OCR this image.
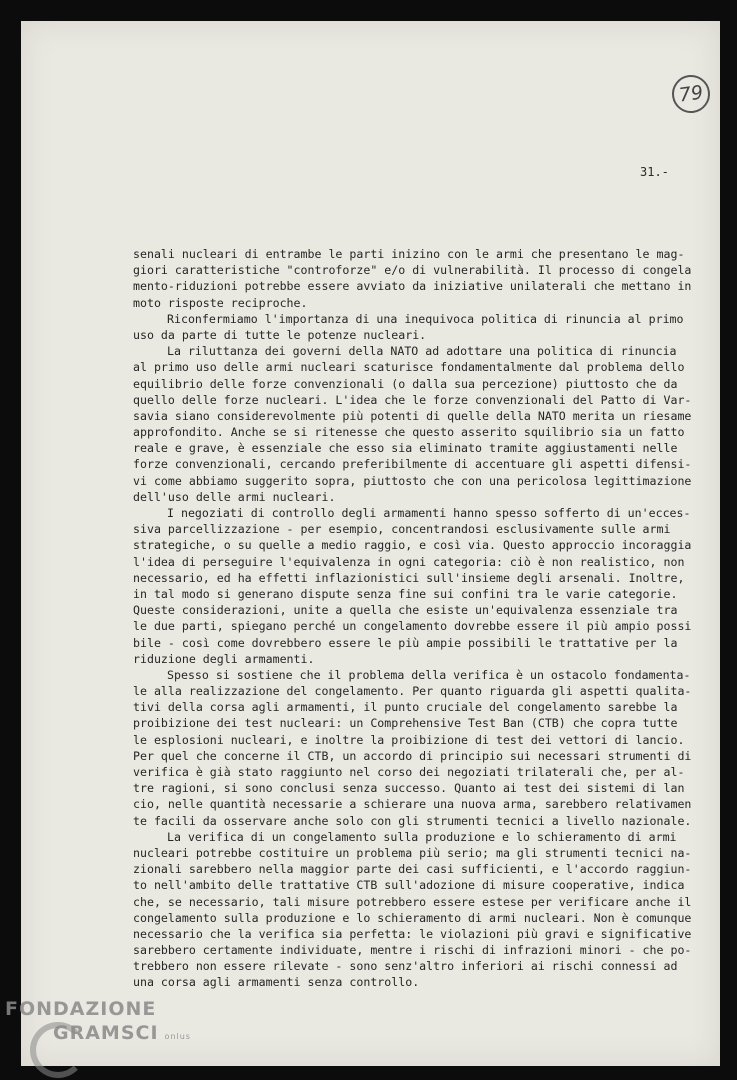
79
31.-
senali nucleari di entrambe le parti inizino con le armi che presentano le mag-
giori caratteristiche "controforze" e/o di vulnerabilità. Il processo di congela
mento-riduzioni potrebbe essere avviato da iniziative unilaterali che mettano in
moto risposte reciproche.
Riconfermiamo l'importanza di una inequivoca politica di rinuncia al primo
uso da parte di tutte le potenze nucleari.
La riluttanza dei governi della NATO ad adottare una politica di rinuncia
al primo uso delle armi nucleari scaturisce fondamentalmente dal problema dello
equilibrio delle forze convenzionali (o dalla sua percezione) piuttosto che da
quello delle forze nucleari. L'idea che le forze convenzionali del Patto di Var-
savia siano considerevolmente più potenti di quelle della NATO merita un riesame
approfondito. Anche se si ritenesse che questo asserito squilibrio sia un fatto
reale e grave, è essenziale che esso sia eliminato tramite aggiustamenti nelle
forze convenzionali, cercando preferibilmente di accentuare gli aspetti difensi-
vi come abbiamo suggerito sopra, piuttosto che con una pericolosa legittimazione
dell'uso delle armi nucleari.
I negoziati di controllo degli armamenti hanno spesso sofferto di un'ecces-
siva parcellizzazione - per esempio, concentrandosi esclusivamente sulle armi
strategiche, o su quelle a medio raggio, e così via. Questo approccio incoraggia
l'idea di perseguire l'equivalenza in ogni categoria: ciò è non realistico, non
necessario, ed ha effetti inflazionistici sull'insieme degli arsenali. Inoltre,
in tal modo si generano dispute senza fine sui confini tra le varie categorie.
Queste considerazioni, unite a quella che esiste un'equivalenza essenziale tra
le due parti, spiegano perché un congelamento dovrebbe essere il più ampio possi
bile - così come dovrebbero essere le più ampie possibili le trattative per la
riduzione degli armamenti.
Spesso si sostiene che il problema della verifica è un ostacolo fondamenta-
le alla realizzazione del congelamento. Per quanto riguarda gli aspetti qualita-
tivi della corsa agli armamenti, il punto cruciale del congelamento sarebbe la
proibizione dei test nucleari: un Comprehensive Test Ban (CTB) che copra tutte
le esplosioni nucleari, e inoltre la proibizione di test dei vettori di lancio.
Per quel che concerne il CTB, un accordo di principio sui necessari strumenti di
verifica è già stato raggiunto nel corso dei negoziati trilaterali che, per al-
tre ragioni, si sono conclusi senza successo. Quanto ai test dei sistemi di lan
cio, nelle quantità necessarie a schierare una nuova arma, sarebbero relativamen
te facili da osservare anche solo con gli strumenti tecnici a livello nazionale.
La verifica di un congelamento sulla produzione e lo schieramento di armi
nucleari potrebbe costituire un problema più serio; ma gli strumenti tecnici na-
zionali sarebbero nella maggior parte dei casi sufficienti, e l'accordo raggiun-
to nell'ambito delle trattative CTB sull'adozione di misure cooperative, indica
che, se necessario, tali misure potrebbero essere estese per verificare anche il
congelamento sulla produzione e lo schieramento di armi nucleari. Non è comunque
necessario che la verifica sia perfetta: le violazioni più gravi e significative
sarebbero certamente individuate, mentre i rischi di infrazioni minori - che po-
trebbero non essere rilevate - sono senz'altro inferiori ai rischi connessi ad
una corsa agli armamenti senza controllo.
FONDAZIONE
GRAMSCI onlus
